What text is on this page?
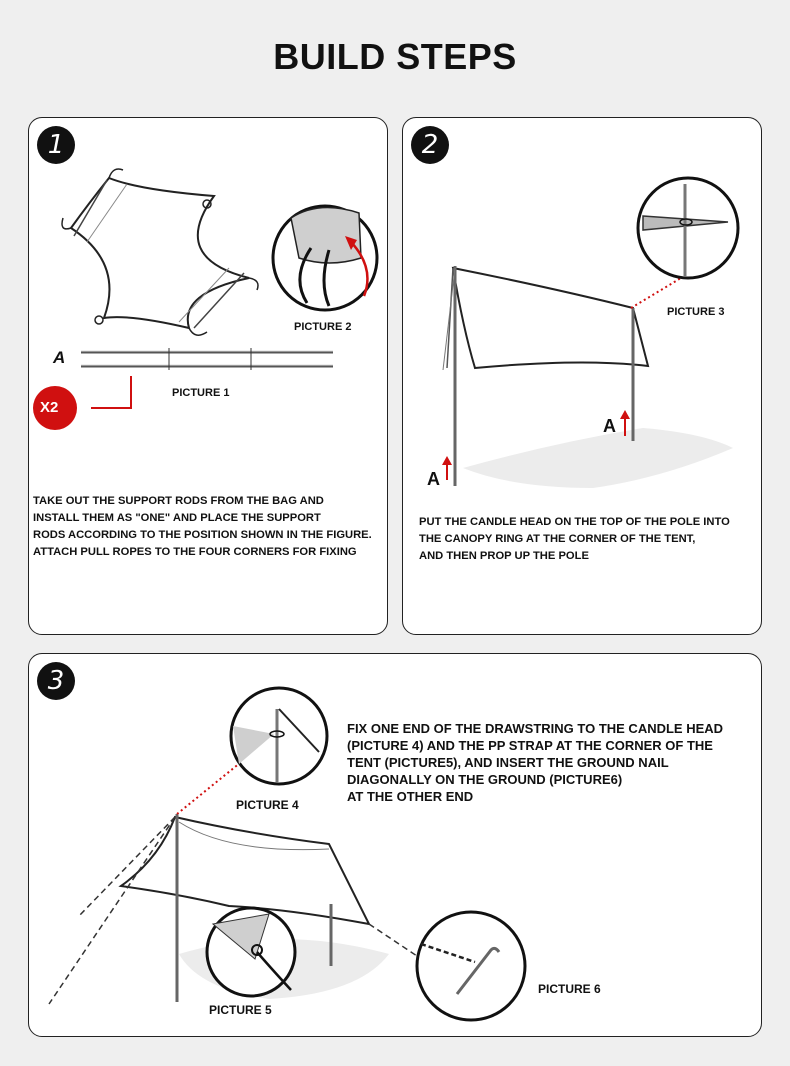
BUILD STEPS
1
PICTURE 2
A
X2
PICTURE 1
TAKE OUT THE SUPPORT RODS FROM THE BAG AND
INSTALL THEM AS "ONE" AND PLACE THE SUPPORT
RODS ACCORDING TO THE POSITION SHOWN IN THE FIGURE.
ATTACH PULL ROPES TO THE FOUR CORNERS FOR FIXING
2
PICTURE 3
A
A
PUT THE CANDLE HEAD ON THE TOP OF THE POLE INTO
THE CANOPY RING AT THE CORNER OF THE TENT,
AND THEN PROP UP THE POLE
3
PICTURE 4
PICTURE 5
PICTURE 6
FIX ONE END OF THE DRAWSTRING TO THE CANDLE HEAD
(PICTURE 4) AND THE PP STRAP AT THE CORNER OF THE
TENT (PICTURE5), AND INSERT THE GROUND NAIL
DIAGONALLY ON THE GROUND (PICTURE6)
AT THE OTHER END
